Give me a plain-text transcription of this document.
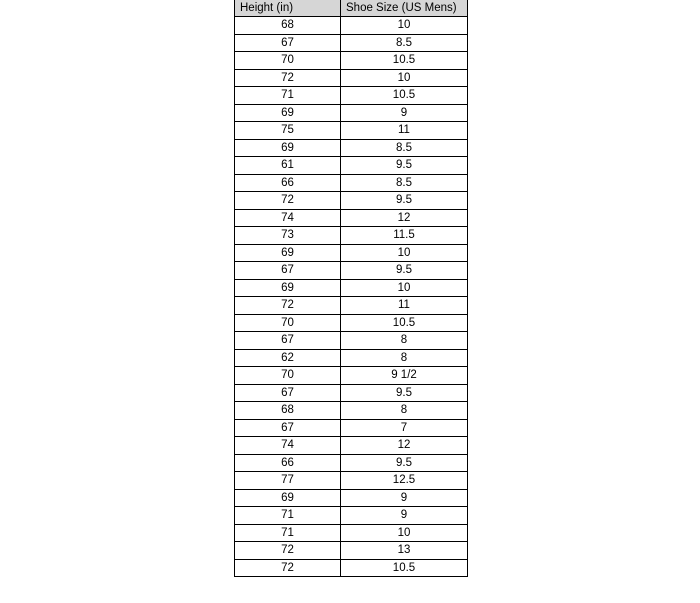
Height (in)	Shoe Size (US Mens)
68	10
67	8.5
70	10.5
72	10
71	10.5
69	9
75	11
69	8.5
61	9.5
66	8.5
72	9.5
74	12
73	11.5
69	10
67	9.5
69	10
72	11
70	10.5
67	8
62	8
70	9 1/2
67	9.5
68	8
67	7
74	12
66	9.5
77	12.5
69	9
71	9
71	10
72	13
72	10.5
